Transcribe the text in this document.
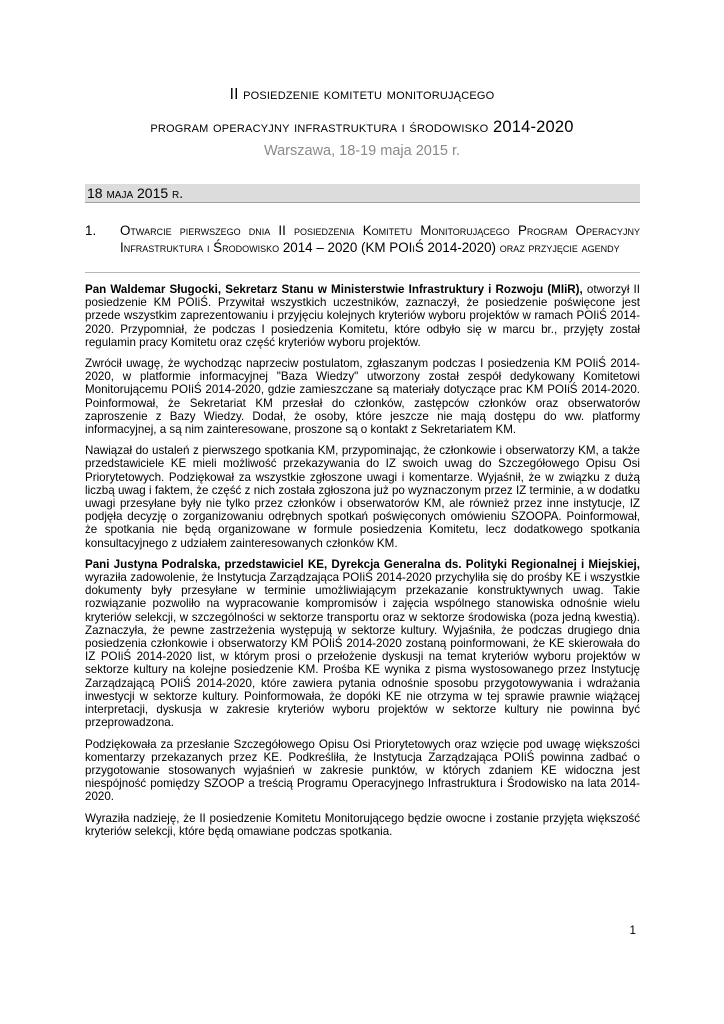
II posiedzenie komitetu monitorującego
program operacyjny infrastruktura i środowisko 2014-2020
Warszawa, 18-19 maja 2015 r.
18 maja 2015 r.
1. Otwarcie pierwszego dnia II posiedzenia Komitetu Monitorującego Program Operacyjny Infrastruktura i Środowisko 2014 – 2020 (KM POIiŚ 2014-2020) oraz przyjęcie agendy

Pan Waldemar Sługocki, Sekretarz Stanu w Ministerstwie Infrastruktury i Rozwoju (MIiR), otworzył II posiedzenie KM POIiŚ. Przywitał wszystkich uczestników, zaznaczył, że posiedzenie poświęcone jest przede wszystkim zaprezentowaniu i przyjęciu kolejnych kryteriów wyboru projektów w ramach POIiŚ 2014-2020. Przypomniał, że podczas I posiedzenia Komitetu, które odbyło się w marcu br., przyjęty został regulamin pracy Komitetu oraz część kryteriów wyboru projektów.

Zwrócił uwagę, że wychodząc naprzeciw postulatom, zgłaszanym podczas I posiedzenia KM POIiŚ 2014-2020, w platformie informacyjnej "Baza Wiedzy" utworzony został zespół dedykowany Komitetowi Monitorującemu POIiŚ 2014-2020, gdzie zamieszczane są materiały dotyczące prac KM POIiŚ 2014-2020. Poinformował, że Sekretariat KM przesłał do członków, zastępców członków oraz obserwatorów zaproszenie z Bazy Wiedzy. Dodał, że osoby, które jeszcze nie mają dostępu do ww. platformy informacyjnej, a są nim zainteresowane, proszone są o kontakt z Sekretariatem KM.

Nawiązał do ustaleń z pierwszego spotkania KM, przypominając, że członkowie i obserwatorzy KM, a także przedstawiciele KE mieli możliwość przekazywania do IZ swoich uwag do Szczegółowego Opisu Osi Priorytetowych. Podziękował za wszystkie zgłoszone uwagi i komentarze. Wyjaśnił, że w związku z dużą liczbą uwag i faktem, że część z nich została zgłoszona już po wyznaczonym przez IZ terminie, a w dodatku uwagi przesyłane były nie tylko przez członków i obserwatorów KM, ale również przez inne instytucje, IZ podjęła decyzję o zorganizowaniu odrębnych spotkań poświęconych omówieniu SZOOPA. Poinformował, że spotkania nie będą organizowane w formule posiedzenia Komitetu, lecz dodatkowego spotkania konsultacyjnego z udziałem zainteresowanych członków KM.

Pani Justyna Podralska, przedstawiciel KE, Dyrekcja Generalna ds. Polityki Regionalnej i Miejskiej, wyraziła zadowolenie, że Instytucja Zarządzająca POIiŚ 2014-2020 przychyliła się do prośby KE i wszystkie dokumenty były przesyłane w terminie umożliwiającym przekazanie konstruktywnych uwag. Takie rozwiązanie pozwoliło na wypracowanie kompromisów i zajęcia wspólnego stanowiska odnośnie wielu kryteriów selekcji, w szczególności w sektorze transportu oraz w sektorze środowiska (poza jedną kwestią). Zaznaczyła, że pewne zastrzeżenia występują w sektorze kultury. Wyjaśniła, że podczas drugiego dnia posiedzenia członkowie i obserwatorzy KM POIiŚ 2014-2020 zostaną poinformowani, że KE skierowała do IZ POIiŚ 2014-2020 list, w którym prosi o przełożenie dyskusji na temat kryteriów wyboru projektów w sektorze kultury na kolejne posiedzenie KM. Prośba KE wynika z pisma wystosowanego przez Instytucję Zarządzającą POIiŚ 2014-2020, które zawiera pytania odnośnie sposobu przygotowywania i wdrażania inwestycji w sektorze kultury. Poinformowała, że dopóki KE nie otrzyma w tej sprawie prawnie wiążącej interpretacji, dyskusja w zakresie kryteriów wyboru projektów w sektorze kultury nie powinna być przeprowadzona.

Podziękowała za przesłanie Szczegółowego Opisu Osi Priorytetowych oraz wzięcie pod uwagę większości komentarzy przekazanych przez KE. Podkreśliła, że Instytucja Zarządzająca POIiŚ powinna zadbać o przygotowanie stosowanych wyjaśnień w zakresie punktów, w których zdaniem KE widoczna jest niespójność pomiędzy SZOOP a treścią Programu Operacyjnego Infrastruktura i Środowisko na lata 2014-2020.

Wyraziła nadzieję, że II posiedzenie Komitetu Monitorującego będzie owocne i zostanie przyjęta większość kryteriów selekcji, które będą omawiane podczas spotkania.

1
